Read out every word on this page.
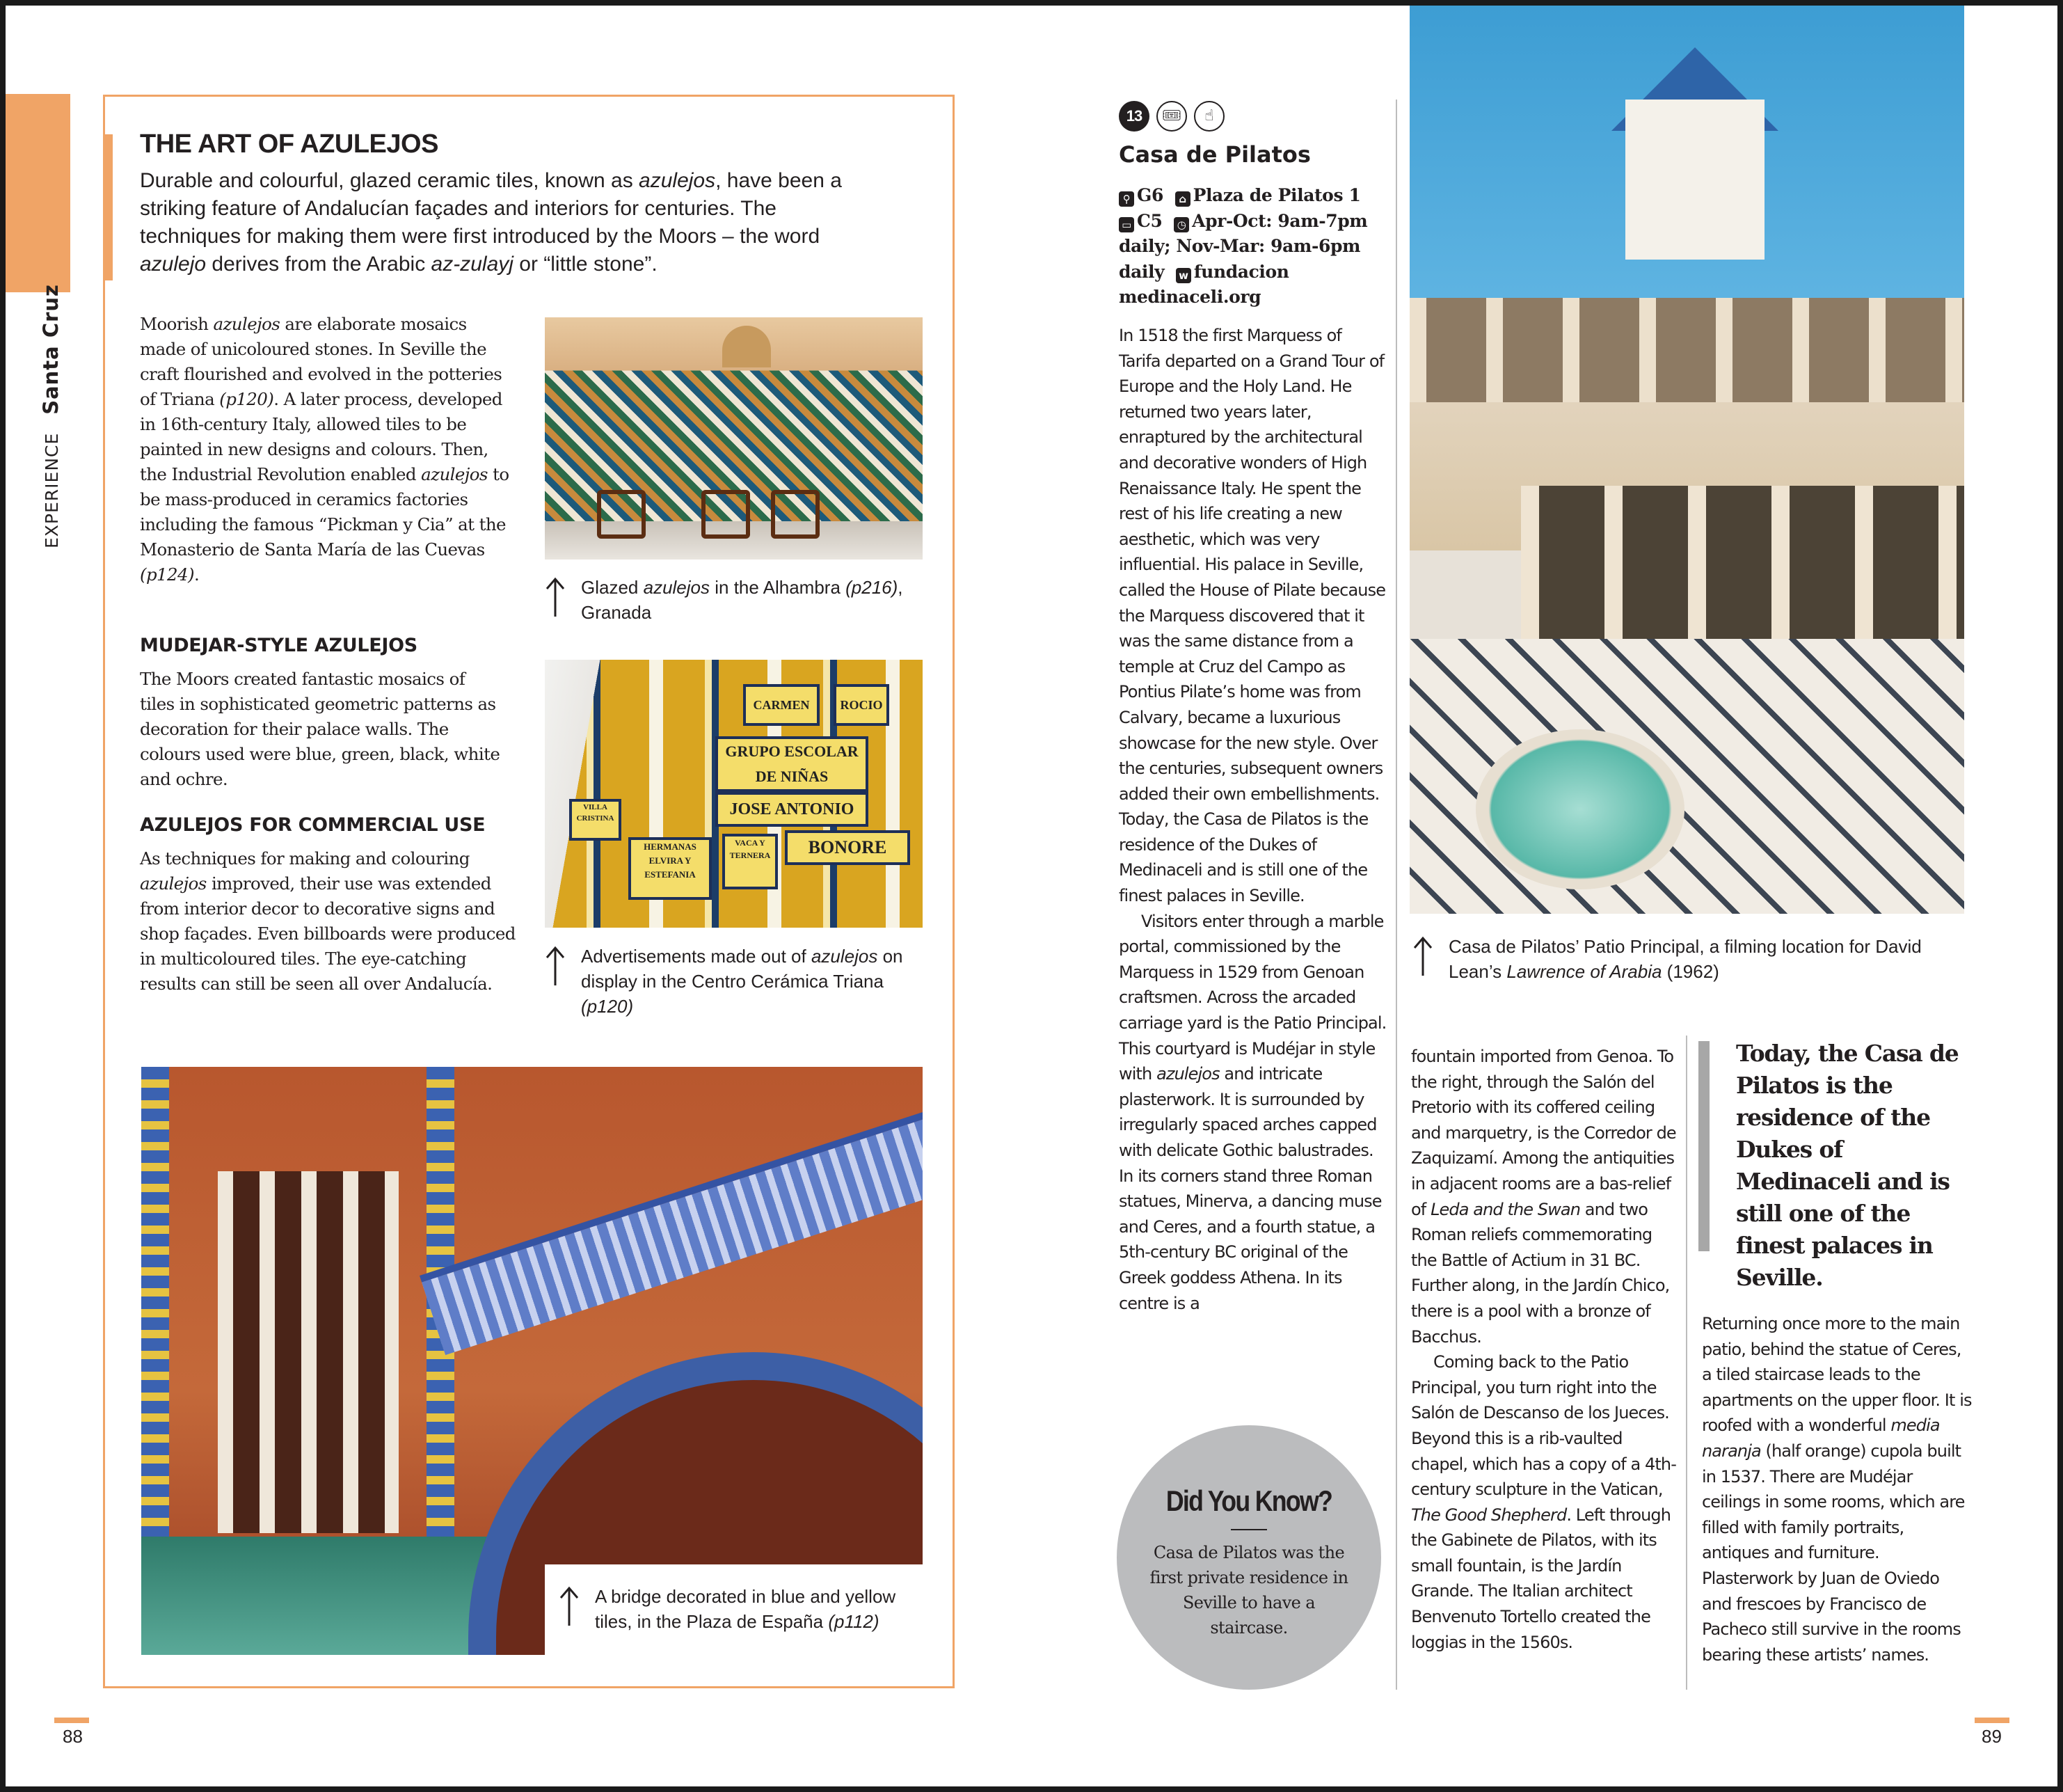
EXPERIENCE Santa Cruz
THE ART OF AZULEJOS
Durable and colourful, glazed ceramic tiles, known as azulejos, have been a striking feature of Andalucían façades and interiors for centuries. The techniques for making them were first introduced by the Moors – the word azulejo derives from the Arabic az-zulayj or “little stone”.
Moorish azulejos are elaborate mosaics made of unicoloured stones. In Seville the craft flourished and evolved in the potteries of Triana (p120). A later process, developed in 16th-century Italy, allowed tiles to be painted in new designs and colours. Then, the Industrial Revolution enabled azulejos to be mass-produced in ceramics factories including the famous “Pickman y Cia” at the Monasterio de Santa María de las Cuevas (p124).
Glazed azulejos in the Alhambra (p216), Granada
MUDEJAR-STYLE AZULEJOS
The Moors created fantastic mosaics of tiles in sophisticated geometric patterns as decoration for their palace walls. The colours used were blue, green, black, white and ochre.
AZULEJOS FOR COMMERCIAL USE
As techniques for making and colouring azulejos improved, their use was extended from interior decor to decorative signs and shop façades. Even billboards were produced in multicoloured tiles. The eye-catching results can still be seen all over Andalucía.
GRUPO ESCOLAR DE NIÑAS
JOSE ANTONIO
BONORE
CARMEN	ROCIO
VACA Y TERNERA
HERMANAS ELVIRA Y ESTEFANIA
VILLA CRISTINA
Advertisements made out of azulejos on display in the Centro Cerámica Triana (p120)
A bridge decorated in blue and yellow tiles, in the Plaza de España (p112)
88
13	🎟	☝
Casa de Pilatos
⚲ G6 ⌂ Plaza de Pilatos 1
▭ C5 ◷ Apr-Oct: 9am-7pm daily; Nov-Mar: 9am-6pm daily w fundacion medinaceli.org

In 1518 the first Marquess of Tarifa departed on a Grand Tour of Europe and the Holy Land. He returned two years later, enraptured by the architectural and decorative wonders of High Renaissance Italy. He spent the rest of his life creating a new aesthetic, which was very influential. His palace in Seville, called the House of Pilate because the Marquess discovered that it was the same distance from a temple at Cruz del Campo as Pontius Pilate’s home was from Calvary, became a luxurious showcase for the new style. Over the centuries, subsequent owners added their own embellishments. Today, the Casa de Pilatos is the residence of the Dukes of Medinaceli and is still one of the finest palaces in Seville.

Visitors enter through a marble portal, commissioned by the Marquess in 1529 from Genoan craftsmen. Across the arcaded carriage yard is the Patio Principal. This courtyard is Mudéjar in style with azulejos and intricate plasterwork. It is surrounded by irregularly spaced arches capped with delicate Gothic balustrades. In its corners stand three Roman statues, Minerva, a dancing muse and Ceres, and a fourth statue, a 5th-century BC original of the Greek goddess Athena. In its centre is a

Casa de Pilatos’ Patio Principal, a filming location for David Lean’s Lawrence of Arabia (1962)

fountain imported from Genoa. To the right, through the Salón del Pretorio with its coffered ceiling and marquetry, is the Corredor de Zaquizamí. Among the antiquities in adjacent rooms are a bas-relief of Leda and the Swan and two Roman reliefs commemorating the Battle of Actium in 31 BC. Further along, in the Jardín Chico, there is a pool with a bronze of Bacchus.

Coming back to the Patio Principal, you turn right into the Salón de Descanso de los Jueces. Beyond this is a rib-vaulted chapel, which has a copy of a 4th-century sculpture in the Vatican, The Good Shepherd. Left through the Gabinete de Pilatos, with its small fountain, is the Jardín Grande. The Italian architect Benvenuto Tortello created the loggias in the 1560s.

Today, the Casa de Pilatos is the residence of the Dukes of Medinaceli and is still one of the finest palaces in Seville.

Returning once more to the main patio, behind the statue of Ceres, a tiled staircase leads to the apartments on the upper floor. It is roofed with a wonderful media naranja (half orange) cupola built in 1537. There are Mudéjar ceilings in some rooms, which are filled with family portraits, antiques and furniture. Plasterwork by Juan de Oviedo and frescoes by Francisco de Pacheco still survive in the rooms bearing these artists’ names.

Did You Know?
Casa de Pilatos was the first private residence in Seville to have a staircase.
89
